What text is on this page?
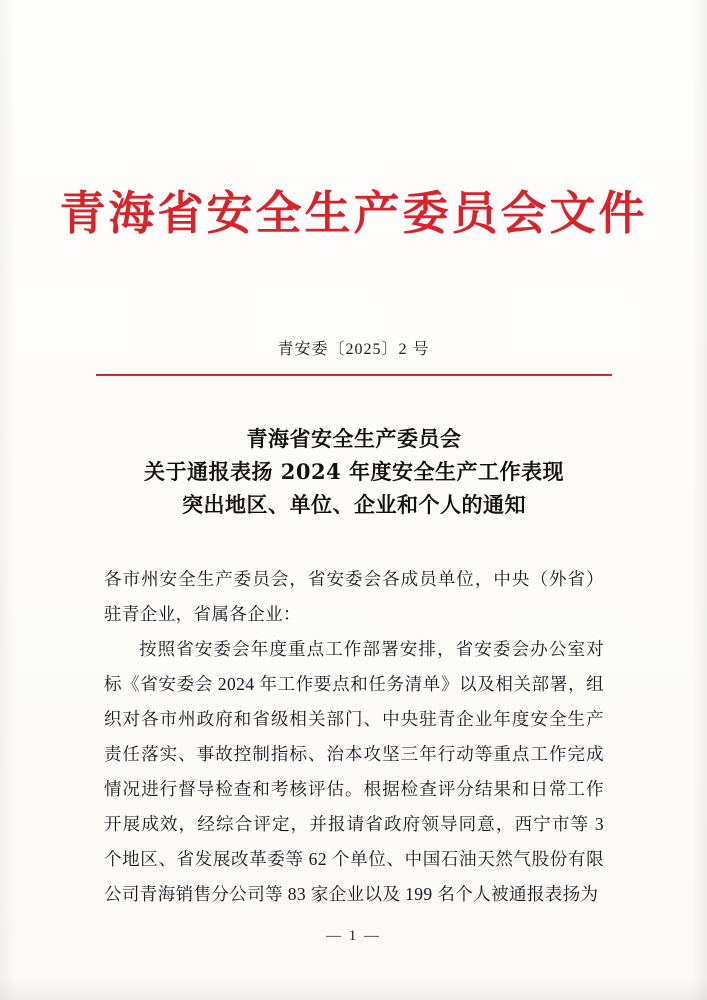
青海省安全生产委员会文件
青安委〔2025〕2 号
青海省安全生产委员会
关于通报表扬 2024 年度安全生产工作表现
突出地区、单位、企业和个人的通知

各市州安全生产委员会，省安委会各成员单位，中央（外省）驻青企业，省属各企业：

按照省安委会年度重点工作部署安排，省安委会办公室对标《省安委会 2024 年工作要点和任务清单》以及相关部署，组织对各市州政府和省级相关部门、中央驻青企业年度安全生产责任落实、事故控制指标、治本攻坚三年行动等重点工作完成情况进行督导检查和考核评估。根据检查评分结果和日常工作开展成效，经综合评定，并报请省政府领导同意，西宁市等 3 个地区、省发展改革委等 62 个单位、中国石油天然气股份有限公司青海销售分公司等 83 家企业以及 199 名个人被通报表扬为

— 1 —
